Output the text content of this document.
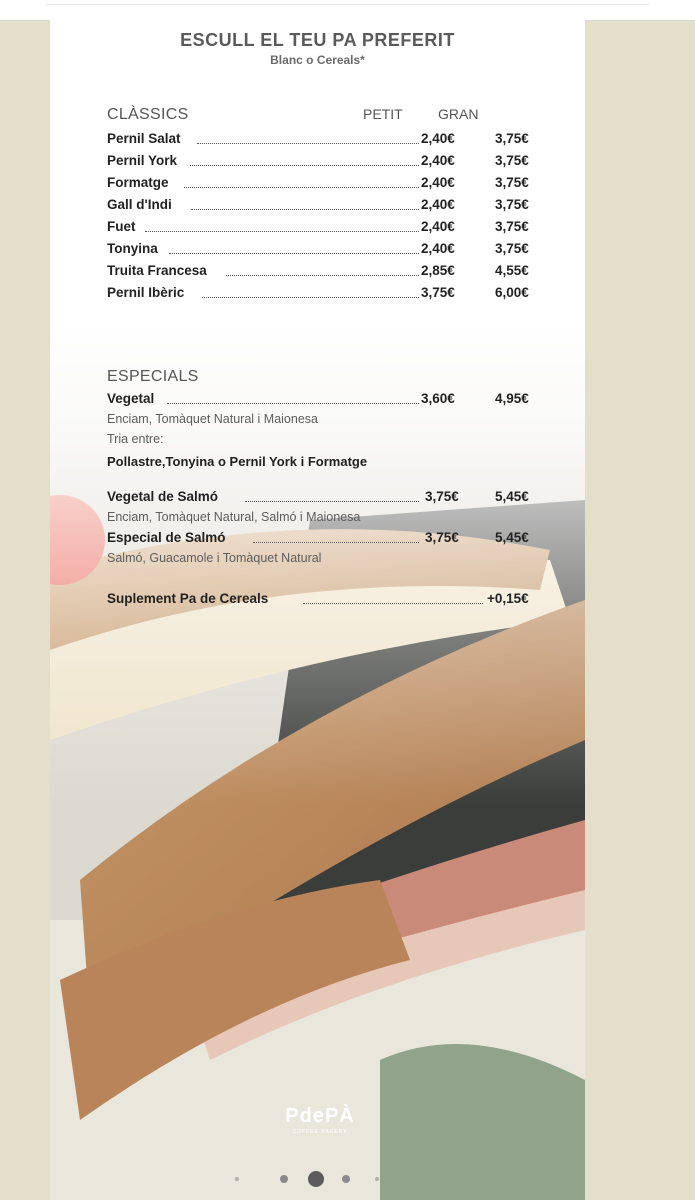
ESCULL EL TEU PA PREFERIT
Blanc o Cereals*
CLÀSSICS	PETIT	GRAN
Pernil Salat	2,40€	3,75€
Pernil York	2,40€	3,75€
Formatge	2,40€	3,75€
Gall d'Indi	2,40€	3,75€
Fuet	2,40€	3,75€
Tonyina	2,40€	3,75€
Truita Francesa	2,85€	4,55€
Pernil Ibèric	3,75€	6,00€
ESPECIALS
Vegetal	3,60€	4,95€
Enciam, Tomàquet Natural i Maionesa
Tria entre:
Pollastre,Tonyina o Pernil York i Formatge
Vegetal de Salmó	3,75€	5,45€
Enciam, Tomàquet Natural, Salmó i Maionesa
Especial de Salmó	3,75€	5,45€
Salmó, Guacamole i Tomàquet Natural
Suplement Pa de Cereals	+0,15€
PdePÀ
COFFEE BAKERY
